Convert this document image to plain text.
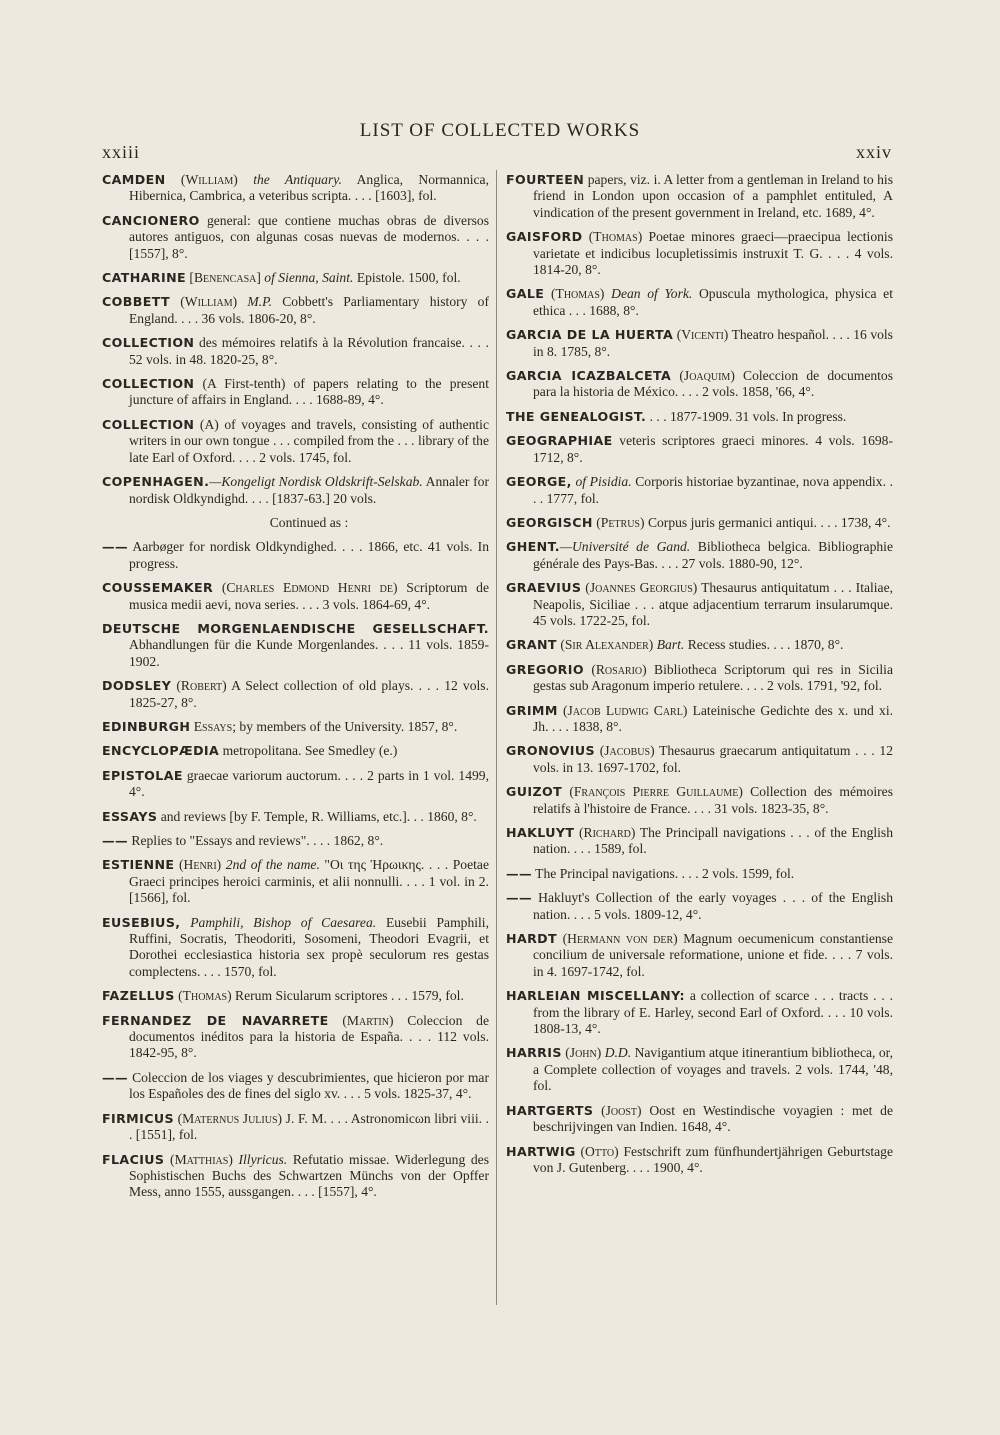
LIST OF COLLECTED WORKS
xxiii	xxiv
CAMDEN (William) the Antiquary. Anglica, Normannica, Hibernica, Cambrica, a veteribus scripta. . . . [1603], fol.
CANCIONERO general: que contiene muchas obras de diversos autores antiguos, con algunas cosas nuevas de modernos. . . . [1557], 8°.
CATHARINE [Benencasa] of Sienna, Saint. Epistole. 1500, fol.
COBBETT (William) M.P. Cobbett's Parliamentary history of England. . . . 36 vols. 1806-20, 8°.
COLLECTION des mémoires relatifs à la Révolution francaise. . . . 52 vols. in 48. 1820-25, 8°.
COLLECTION (A First-tenth) of papers relating to the present juncture of affairs in England. . . . 1688-89, 4°.
COLLECTION (A) of voyages and travels, consisting of authentic writers in our own tongue . . . compiled from the . . . library of the late Earl of Oxford. . . . 2 vols. 1745, fol.
COPENHAGEN.—Kongeligt Nordisk Oldskrift-Selskab. Annaler for nordisk Oldkyndighd. . . . [1837-63.] 20 vols.
Continued as :
—— Aarbøger for nordisk Oldkyndighed. . . . 1866, etc. 41 vols. In progress.
COUSSEMAKER (Charles Edmond Henri de) Scriptorum de musica medii aevi, nova series. . . . 3 vols. 1864-69, 4°.
DEUTSCHE MORGENLAENDISCHE GESELLSCHAFT. Abhandlungen für die Kunde Morgenlandes. . . . 11 vols. 1859-1902.
DODSLEY (Robert) A Select collection of old plays. . . . 12 vols. 1825-27, 8°.
EDINBURGH Essays; by members of the University. 1857, 8°.
ENCYCLOPÆDIA metropolitana. See Smedley (e.)
EPISTOLAE graecae variorum auctorum. . . . 2 parts in 1 vol. 1499, 4°.
ESSAYS and reviews [by F. Temple, R. Williams, etc.]. . . 1860, 8°.
—— Replies to "Essays and reviews". . . . 1862, 8°.
ESTIENNE (Henri) 2nd of the name. "Οι της Ἡρωικης. . . . Poetae Graeci principes heroici carminis, et alii nonnulli. . . . 1 vol. in 2. [1566], fol.
EUSEBIUS, Pamphili, Bishop of Caesarea. Eusebii Pamphili, Ruffini, Socratis, Theodoriti, Sosomeni, Theodori Evagrii, et Dorothei ecclesiastica historia sex propè seculorum res gestas complectens. . . . 1570, fol.
FAZELLUS (Thomas) Rerum Sicularum scriptores . . . 1579, fol.
FERNANDEZ DE NAVARRETE (Martin) Coleccion de documentos inéditos para la historia de España. . . . 112 vols. 1842-95, 8°.
—— Coleccion de los viages y descubrimientes, que hicieron por mar los Españoles des de fines del siglo xv. . . . 5 vols. 1825-37, 4°.
FIRMICUS (Maternus Julius) J. F. M. . . . Astronomicωn libri viii. . . [1551], fol.
FLACIUS (Matthias) Illyricus. Refutatio missae. Widerlegung des Sophistischen Buchs des Schwartzen Münchs von der Opffer Mess, anno 1555, aussgangen. . . . [1557], 4°.
FOURTEEN papers, viz. i. A letter from a gentleman in Ireland to his friend in London upon occasion of a pamphlet entituled, A vindication of the present government in Ireland, etc. 1689, 4°.
GAISFORD (Thomas) Poetae minores graeci—praecipua lectionis varietate et indicibus locupletissimis instruxit T. G. . . . 4 vols. 1814-20, 8°.
GALE (Thomas) Dean of York. Opuscula mythologica, physica et ethica . . . 1688, 8°.
GARCIA DE LA HUERTA (Vicenti) Theatro hespañol. . . . 16 vols in 8. 1785, 8°.
GARCIA ICAZBALCETA (Joaquim) Coleccion de documentos para la historia de México. . . . 2 vols. 1858, '66, 4°.
THE GENEALOGIST. . . . 1877-1909. 31 vols. In progress.
GEOGRAPHIAE veteris scriptores graeci minores. 4 vols. 1698-1712, 8°.
GEORGE, of Pisidia. Corporis historiae byzantinae, nova appendix. . . . 1777, fol.
GEORGISCH (Petrus) Corpus juris germanici antiqui. . . . 1738, 4°.
GHENT.—Université de Gand. Bibliotheca belgica. Bibliographie générale des Pays-Bas. . . . 27 vols. 1880-90, 12°.
GRAEVIUS (Joannes Georgius) Thesaurus antiquitatum . . . Italiae, Neapolis, Siciliae . . . atque adjacentium terrarum insularumque. 45 vols. 1722-25, fol.
GRANT (Sir Alexander) Bart. Recess studies. . . . 1870, 8°.
GREGORIO (Rosario) Bibliotheca Scriptorum qui res in Sicilia gestas sub Aragonum imperio retulere. . . . 2 vols. 1791, '92, fol.
GRIMM (Jacob Ludwig Carl) Lateinische Gedichte des x. und xi. Jh. . . . 1838, 8°.
GRONOVIUS (Jacobus) Thesaurus graecarum antiquitatum . . . 12 vols. in 13. 1697-1702, fol.
GUIZOT (François Pierre Guillaume) Collection des mémoires relatifs à l'histoire de France. . . . 31 vols. 1823-35, 8°.
HAKLUYT (Richard) The Principall navigations . . . of the English nation. . . . 1589, fol.
—— The Principal navigations. . . . 2 vols. 1599, fol.
—— Hakluyt's Collection of the early voyages . . . of the English nation. . . . 5 vols. 1809-12, 4°.
HARDT (Hermann von der) Magnum oecumenicum constantiense concilium de universale reformatione, unione et fide. . . . 7 vols. in 4. 1697-1742, fol.
HARLEIAN MISCELLANY: a collection of scarce . . . tracts . . . from the library of E. Harley, second Earl of Oxford. . . . 10 vols. 1808-13, 4°.
HARRIS (John) D.D. Navigantium atque itinerantium bibliotheca, or, a Complete collection of voyages and travels. 2 vols. 1744, '48, fol.
HARTGERTS (Joost) Oost en Westindische voyagien : met de beschrijvingen van Indien. 1648, 4°.
HARTWIG (Otto) Festschrift zum fünfhundertjährigen Geburtstage von J. Gutenberg. . . . 1900, 4°.
